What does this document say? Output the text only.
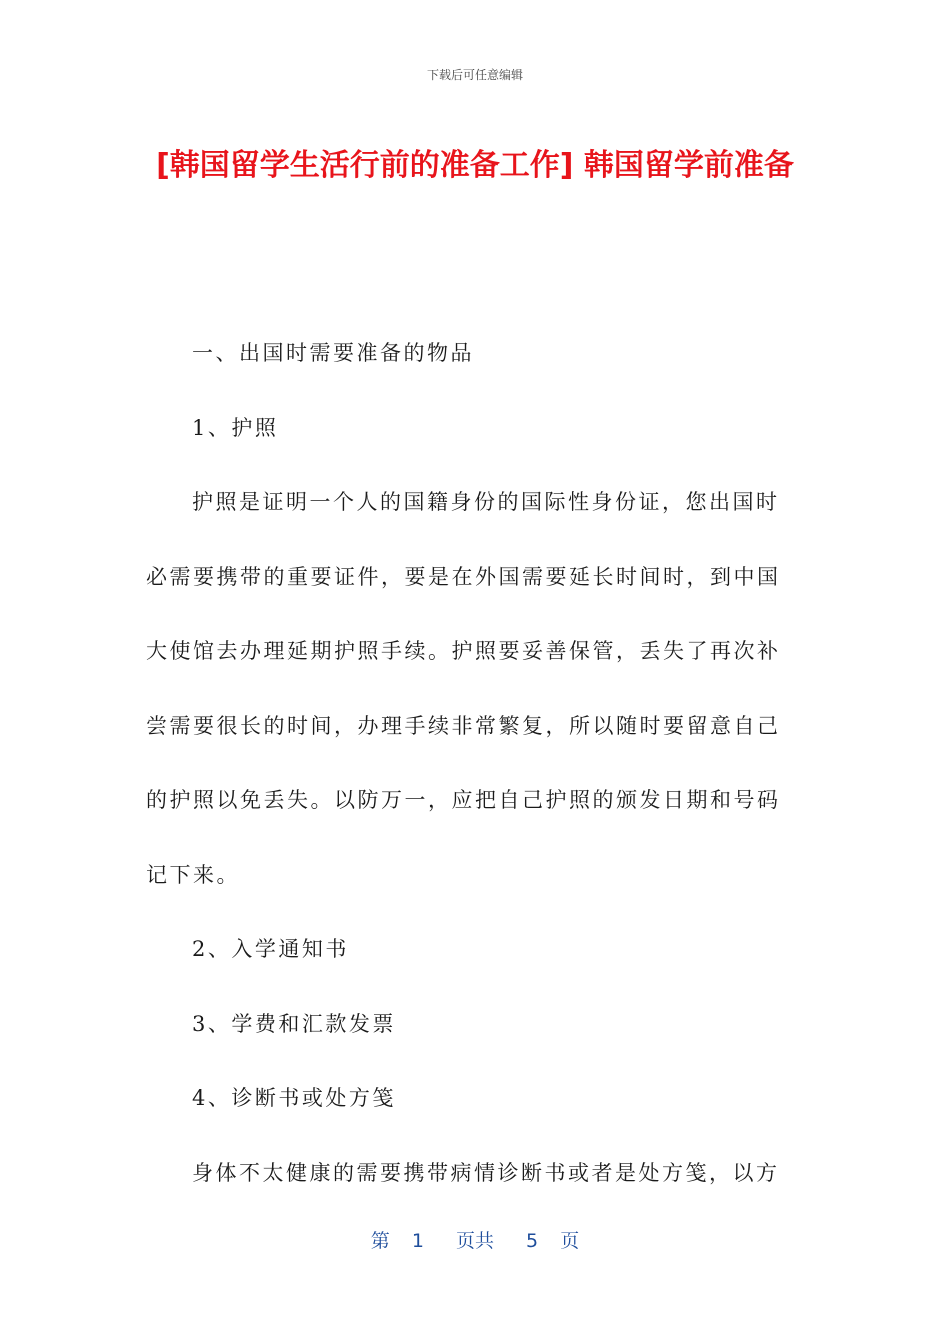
下载后可任意编辑
[韩国留学生活行前的准备工作] 韩国留学前准备

一、出国时需要准备的物品

1、护照

护照是证明一个人的国籍身份的国际性身份证，您出国时必需要携带的重要证件，要是在外国需要延长时间时，到中国大使馆去办理延期护照手续。护照要妥善保管，丢失了再次补尝需要很长的时间，办理手续非常繁复，所以随时要留意自己的护照以免丢失。以防万一，应把自己护照的颁发日期和号码记下来。

2、入学通知书

3、学费和汇款发票

4、诊断书或处方笺

身体不太健康的需要携带病情诊断书或者是处方笺，以方

第 1 页共 5 页
